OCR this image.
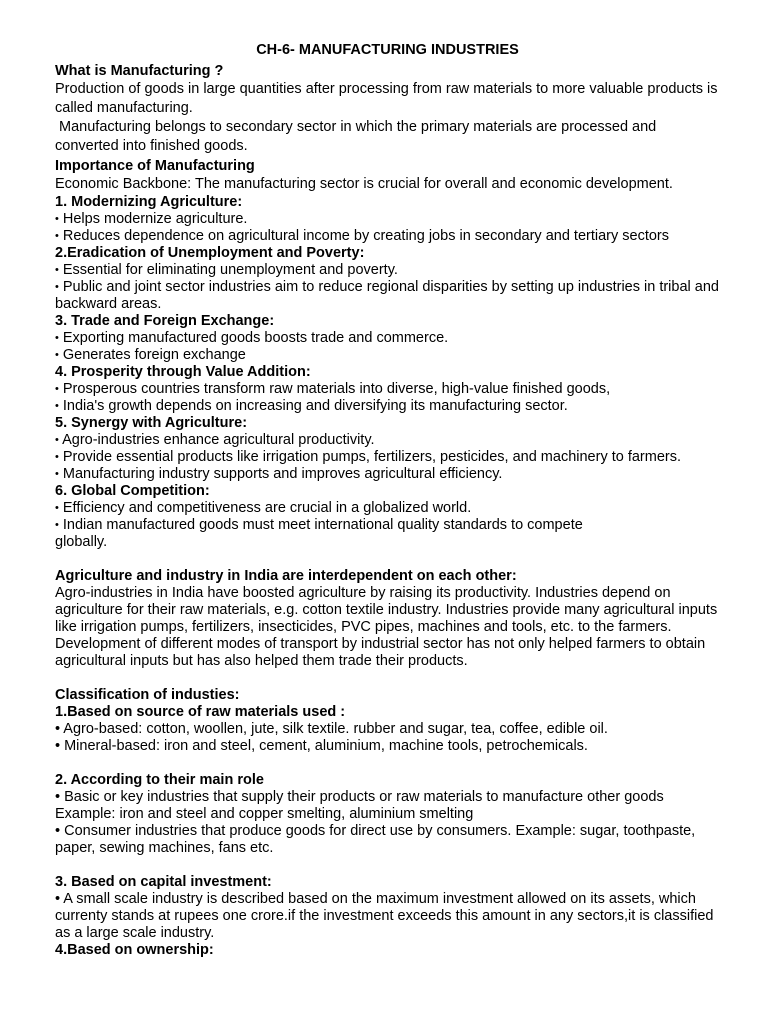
CH-6- MANUFACTURING INDUSTRIES

What is Manufacturing ?

Production of goods in large quantities after processing from raw materials to more valuable products is called manufacturing.

Manufacturing belongs to secondary sector in which the primary materials are processed and converted into finished goods.

Importance of Manufacturing

Economic Backbone: The manufacturing sector is crucial for overall and economic development.

1. Modernizing Agriculture:

• Helps modernize agriculture.

• Reduces dependence on agricultural income by creating jobs in secondary and tertiary sectors

2.Eradication of Unemployment and Poverty:

• Essential for eliminating unemployment and poverty.

• Public and joint sector industries aim to reduce regional disparities by setting up industries in tribal and backward areas.

3. Trade and Foreign Exchange:

• Exporting manufactured goods boosts trade and commerce.

• Generates foreign exchange

4. Prosperity through Value Addition:

• Prosperous countries transform raw materials into diverse, high-value finished goods,

• India's growth depends on increasing and diversifying its manufacturing sector.

5. Synergy with Agriculture:

• Agro-industries enhance agricultural productivity.

• Provide essential products like irrigation pumps, fertilizers, pesticides, and machinery to farmers.

• Manufacturing industry supports and improves agricultural efficiency.

6. Global Competition:

• Efficiency and competitiveness are crucial in a globalized world.

• Indian manufactured goods must meet international quality standards to compete globally.

Agriculture and industry in India are interdependent on each other:

Agro-industries in India have boosted agriculture by raising its productivity. Industries depend on agriculture for their raw materials, e.g. cotton textile industry. Industries provide many agricultural inputs like irrigation pumps, fertilizers, insecticides, PVC pipes, machines and tools, etc. to the farmers. Development of different modes of transport by industrial sector has not only helped farmers to obtain agricultural inputs but has also helped them trade their products.

Classification of industies:

1.Based on source of raw materials used :

• Agro-based: cotton, woollen, jute, silk textile. rubber and sugar, tea, coffee, edible oil.

• Mineral-based: iron and steel, cement, aluminium, machine tools, petrochemicals.

2. According to their main role

• Basic or key industries that supply their products or raw materials to manufacture other goods

Example: iron and steel and copper smelting, aluminium smelting

• Consumer industries that produce goods for direct use by consumers. Example: sugar, toothpaste, paper, sewing machines, fans etc.

3. Based on capital investment:

• A small scale industry is described based on the maximum investment allowed on its assets, which currenty stands at rupees one crore.if the investment exceeds this amount in any sectors,it is classified as a large scale industry.

4.Based on ownership:
